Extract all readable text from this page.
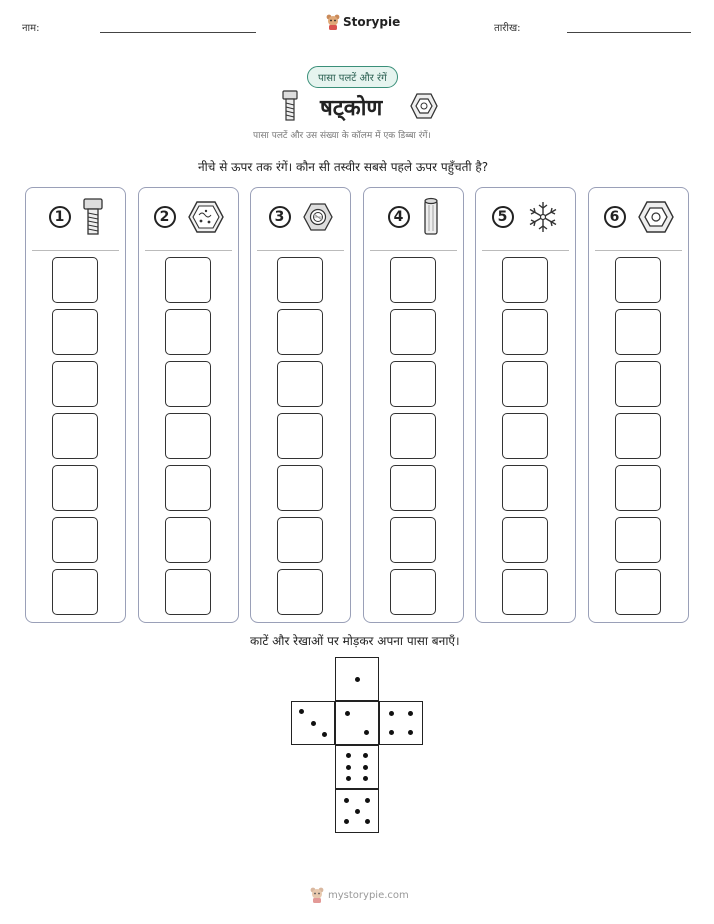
नाम:	Storypie	तारीख:
पासा पलटें और रंगें
षट्कोण
पासा पलटें और उस संख्या के कॉलम में एक डिब्बा रंगें।
नीचे से ऊपर तक रंगें। कौन सी तस्वीर सबसे पहले ऊपर पहुँचती है?
1	2	3	4	5	6
काटें और रेखाओं पर मोड़कर अपना पासा बनाएँ।
mystorypie.com
